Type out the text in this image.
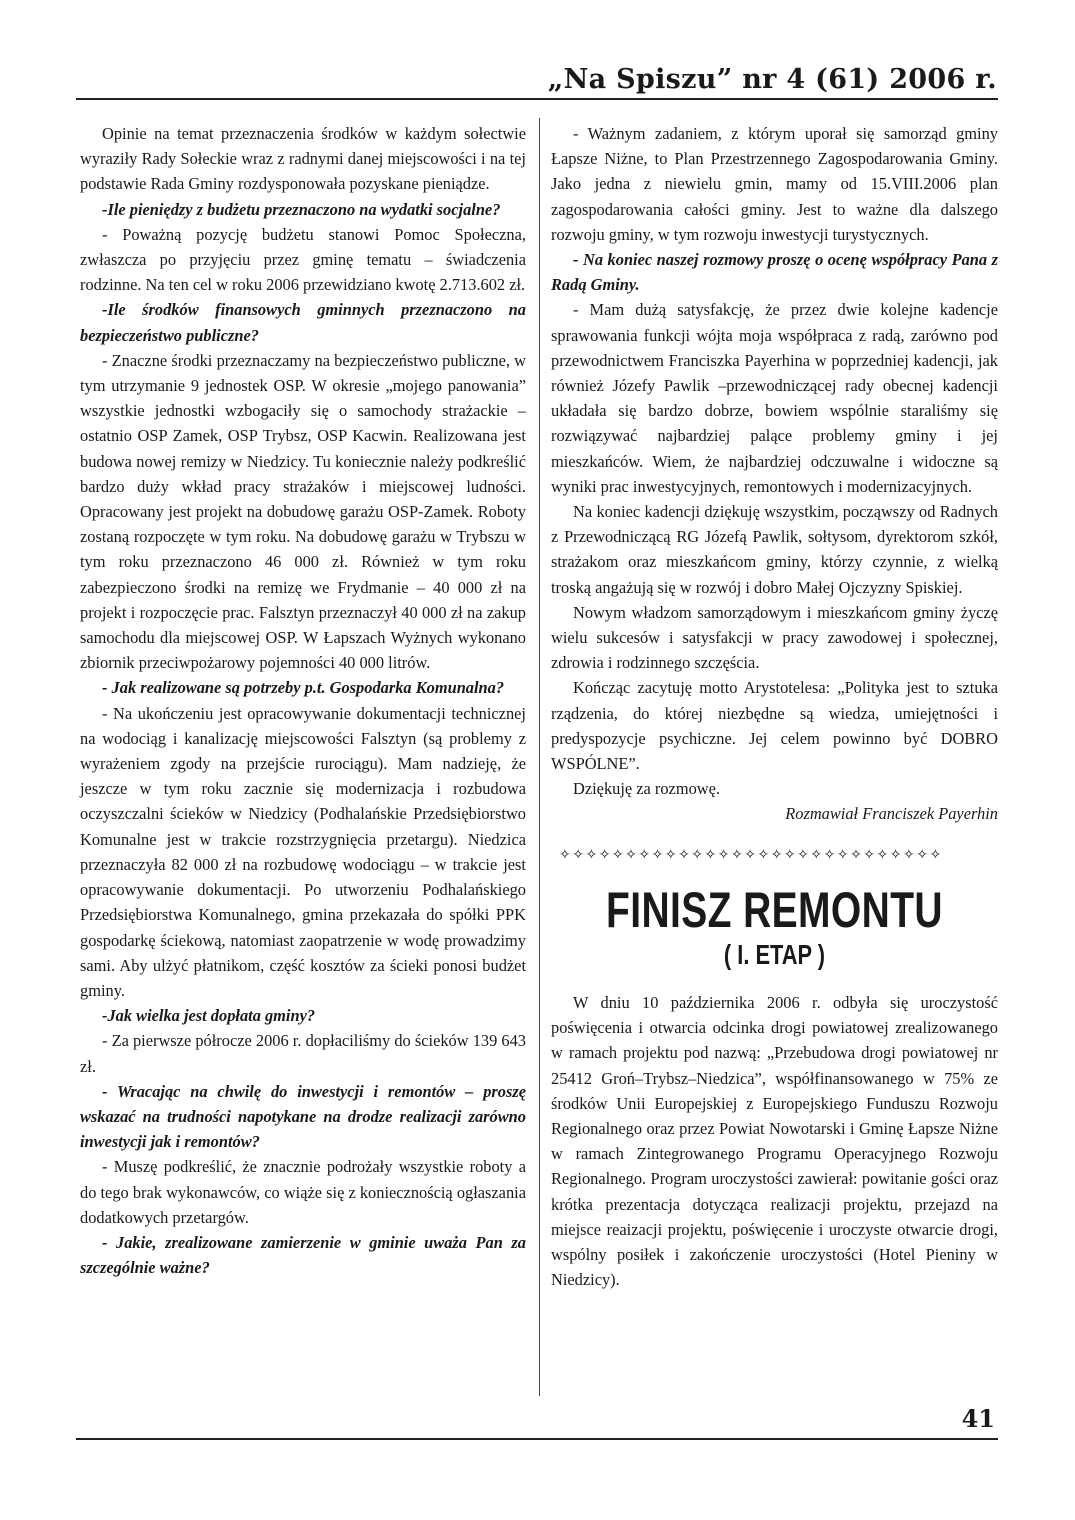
„Na Spiszu” nr 4 (61) 2006 r.

Opinie na temat przeznaczenia środków w każdym sołectwie wyraziły Rady Sołeckie wraz z radnymi danej miejscowości i na tej podstawie Rada Gminy rozdysponowała pozyskane pieniądze.

-Ile pieniędzy z budżetu przeznaczono na wydatki socjalne?

- Poważną pozycję budżetu stanowi Pomoc Społeczna, zwłaszcza po przyjęciu przez gminę tematu – świadczenia rodzinne. Na ten cel w roku 2006 przewidziano kwotę 2.713.602 zł.

-Ile środków finansowych gminnych przeznaczono na bezpieczeństwo publiczne?

- Znaczne środki przeznaczamy na bezpieczeństwo publiczne, w tym utrzymanie 9 jednostek OSP. W okresie „mojego panowania” wszystkie jednostki wzbogaciły się o samochody strażackie – ostatnio OSP Zamek, OSP Trybsz, OSP Kacwin. Realizowana jest budowa nowej remizy w Niedzicy. Tu koniecznie należy podkreślić bardzo duży wkład pracy strażaków i miejscowej ludności. Opracowany jest projekt na dobudowę garażu OSP-Zamek. Roboty zostaną rozpoczęte w tym roku. Na dobudowę garażu w Trybszu w tym roku przeznaczono 46 000 zł. Również w tym roku zabezpieczono środki na remizę we Frydmanie – 40 000 zł na projekt i rozpoczęcie prac. Falsztyn przeznaczył 40 000 zł na zakup samochodu dla miejscowej OSP. W Łapszach Wyżnych wykonano zbiornik przeciwpożarowy pojemności 40 000 litrów.

- Jak realizowane są potrzeby p.t. Gospodarka Komunalna?

- Na ukończeniu jest opracowywanie dokumentacji technicznej na wodociąg i kanalizację miejscowości Falsztyn (są problemy z wyrażeniem zgody na przejście rurociągu). Mam nadzieję, że jeszcze w tym roku zacznie się modernizacja i rozbudowa oczyszczalni ścieków w Niedzicy (Podhalańskie Przedsiębiorstwo Komunalne jest w trakcie rozstrzygnięcia przetargu). Niedzica przeznaczyła 82 000 zł na rozbudowę wodociągu – w trakcie jest opracowywanie dokumentacji. Po utworzeniu Podhalańskiego Przedsiębiorstwa Komunalnego, gmina przekazała do spółki PPK gospodarkę ściekową, natomiast zaopatrzenie w wodę prowadzimy sami. Aby ulżyć płatnikom, część kosztów za ścieki ponosi budżet gminy.

-Jak wielka jest dopłata gminy?

- Za pierwsze półrocze 2006 r. dopłaciliśmy do ścieków 139 643 zł.

- Wracając na chwilę do inwestycji i remontów – proszę wskazać na trudności napotykane na drodze realizacji zarówno inwestycji jak i remontów?

- Muszę podkreślić, że znacznie podrożały wszystkie roboty a do tego brak wykonawców, co wiąże się z koniecznością ogłaszania dodatkowych przetargów.

- Jakie, zrealizowane zamierzenie w gminie uważa Pan za szczególnie ważne?

- Ważnym zadaniem, z którym uporał się samorząd gminy Łapsze Niżne, to Plan Przestrzennego Zagospodarowania Gminy. Jako jedna z niewielu gmin, mamy od 15.VIII.2006 plan zagospodarowania całości gminy. Jest to ważne dla dalszego rozwoju gminy, w tym rozwoju inwestycji turystycznych.

- Na koniec naszej rozmowy proszę o ocenę współpracy Pana z Radą Gminy.

- Mam dużą satysfakcję, że przez dwie kolejne kadencje sprawowania funkcji wójta moja współpraca z radą, zarówno pod przewodnictwem Franciszka Payerhina w poprzedniej kadencji, jak również Józefy Pawlik –przewodniczącej rady obecnej kadencji układała się bardzo dobrze, bowiem wspólnie staraliśmy się rozwiązywać najbardziej palące problemy gminy i jej mieszkańców. Wiem, że najbardziej odczuwalne i widoczne są wyniki prac inwestycyjnych, remontowych i modernizacyjnych.

Na koniec kadencji dziękuję wszystkim, począwszy od Radnych z Przewodniczącą RG Józefą Pawlik, sołtysom, dyrektorom szkół, strażakom oraz mieszkańcom gminy, którzy czynnie, z wielką troską angażują się w rozwój i dobro Małej Ojczyzny Spiskiej.

Nowym władzom samorządowym i mieszkańcom gminy życzę wielu sukcesów i satysfakcji w pracy zawodowej i społecznej, zdrowia i rodzinnego szczęścia.

Kończąc zacytuję motto Arystotelesa: „Polityka jest to sztuka rządzenia, do której niezbędne są wiedza, umiejętności i predyspozycje psychiczne. Jej celem powinno być DOBRO WSPÓLNE”.

Dziękuję za rozmowę.

Rozmawiał Franciszek Payerhin

✧✧✧✧✧✧✧✧✧✧✧✧✧✧✧✧✧✧✧✧✧✧✧✧✧✧✧✧✧
FINISZ REMONTU
( I. ETAP )

W dniu 10 października 2006 r. odbyła się uroczystość poświęcenia i otwarcia odcinka drogi powiatowej zrealizowanego w ramach projektu pod nazwą: „Przebudowa drogi powiatowej nr 25412 Groń–Trybsz–Niedzica”, współfinansowanego w 75% ze środków Unii Europejskiej z Europejskiego Funduszu Rozwoju Regionalnego oraz przez Powiat Nowotarski i Gminę Łapsze Niżne w ramach Zintegrowanego Programu Operacyjnego Rozwoju Regionalnego. Program uroczystości zawierał: powitanie gości oraz krótka prezentacja dotycząca realizacji projektu, przejazd na miejsce reaizacji projektu, poświęcenie i uroczyste otwarcie drogi, wspólny posiłek i zakończenie uroczystości (Hotel Pieniny w Niedzicy).

41
